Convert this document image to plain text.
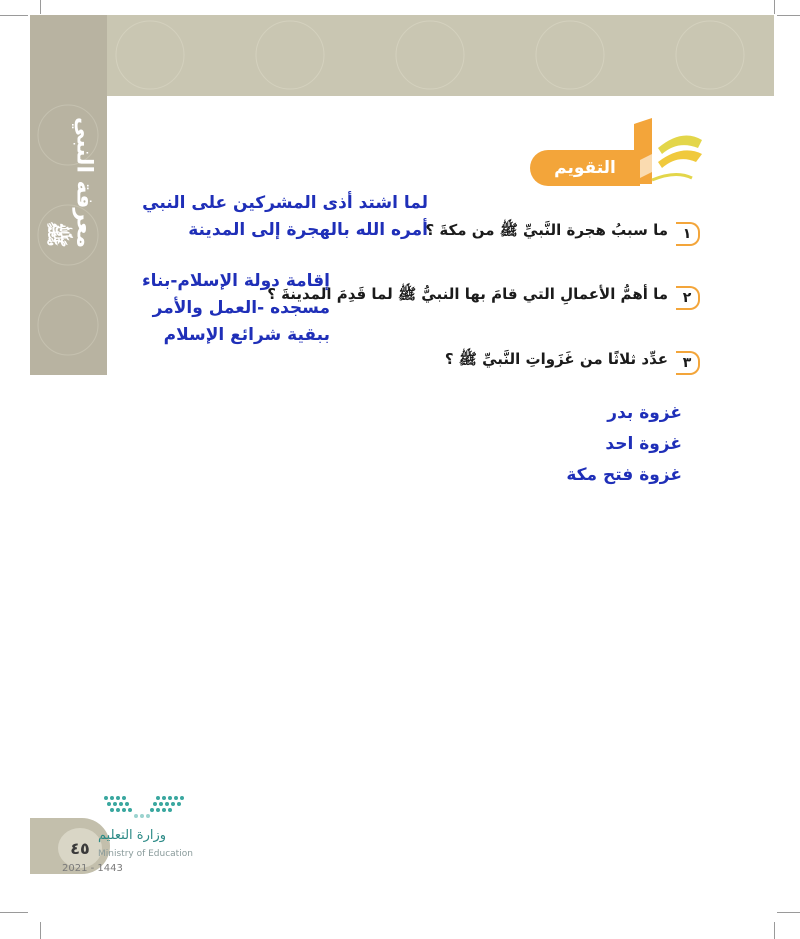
معرفة النبي ﷺ
التقويم
١
ما سببُ هجرة النَّبيِّ ﷺ من مكةَ ؟
٢
ما أهمُّ الأعمالِ التي قامَ بها النبيُّ ﷺ لما قَدِمَ المدينةَ ؟
٣
عدِّد ثلاثًا من غَزَواتِ النَّبيِّ ﷺ ؟
لما اشتد أذى المشركين على النبي
أمره الله بالهجرة إلى المدينة
إقامة دولة الإسلام-بناء
مسجده -العمل والأمر
ببقية شرائع الإسلام
غزوة بدر
غزوة احد
غزوة فتح مكة
٤٥
وزارة التعليم
Ministry of Education
2021 - 1443
